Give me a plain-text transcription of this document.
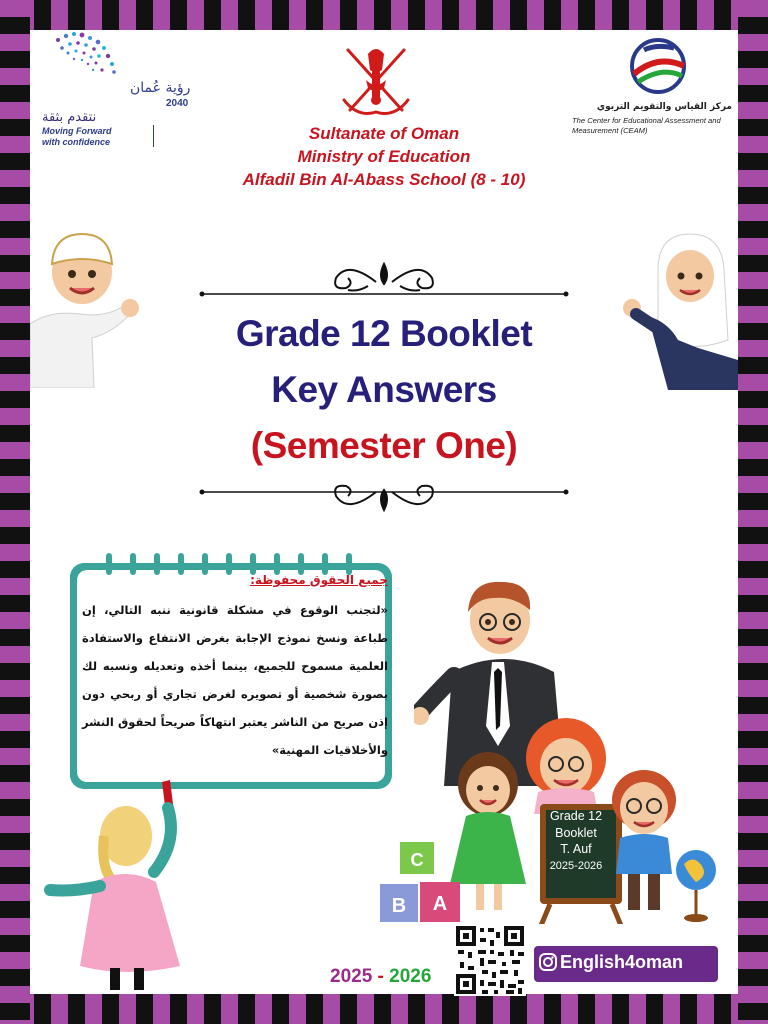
رؤية عُمان
2040
نتقدم بثقة
Moving Forward
with confidence
مركز القياس والتقويم التربوي
The Center for Educational Assessment and Measurement (CEAM)
Sultanate of Oman
Ministry of Education
Alfadil Bin Al-Abass School (8 - 10)
Grade 12 Booklet
Key Answers
(Semester One)
جميع الحقوق محفوظة:
«لتجنب الوقوع في مشكلة قانونية ننبه التالي، إن طباعة ونسخ نموذج الإجابة بغرض الانتفاع والاستفادة العلمية مسموح للجميع، بينما أخذه وتعديله ونسبه لك بصورة شخصية أو تصويره لغرض تجاري أو ربحي دون إذن صريح من الناشر يعتبر انتهاكاً صريحاً لحقوق النشر والأخلاقيات المهنية»
Grade 12
Booklet
T. Auf
2025-2026
C
B A
2025 - 2026
English4oman
